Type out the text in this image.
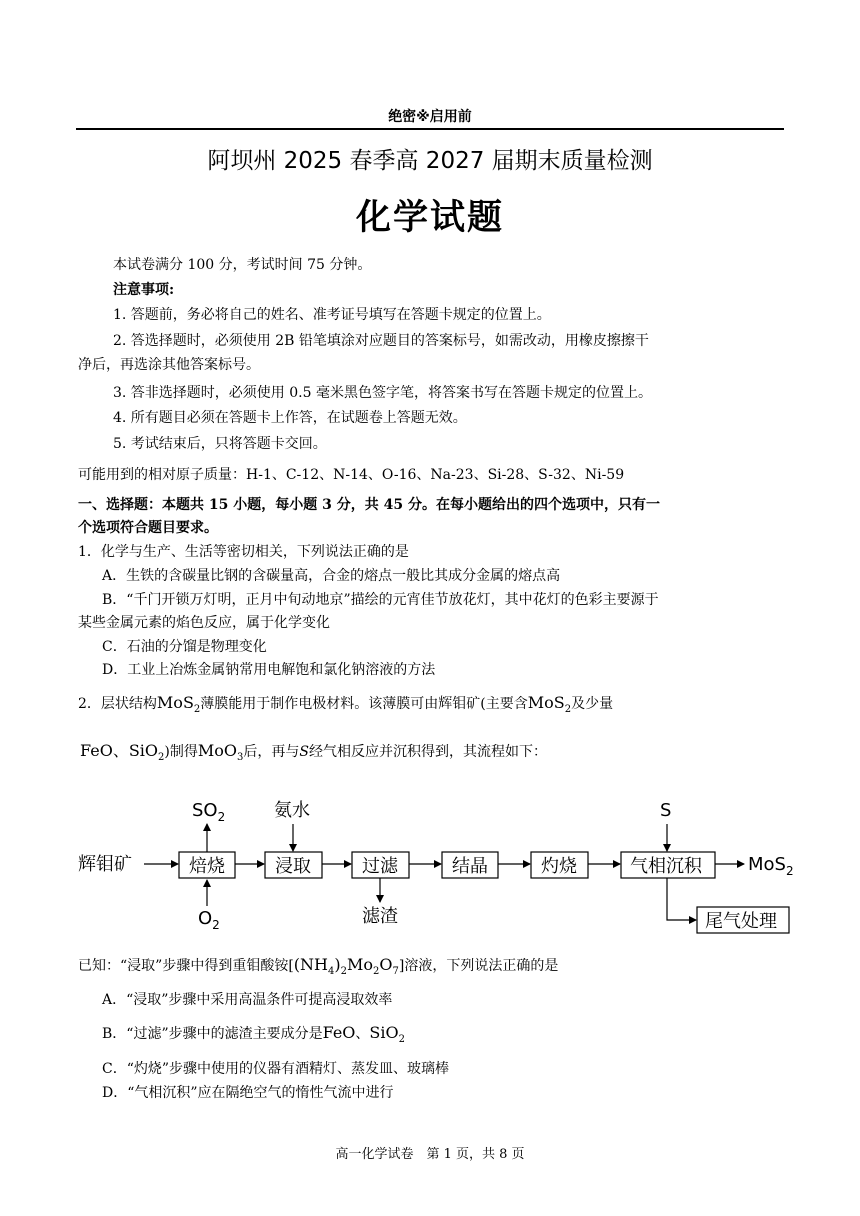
绝密※启用前
阿坝州 2025 春季高 2027 届期末质量检测
化学试题
本试卷满分 100 分，考试时间 75 分钟。
注意事项:
1. 答题前，务必将自己的姓名、准考证号填写在答题卡规定的位置上。
2. 答选择题时，必须使用 2B 铅笔填涂对应题目的答案标号，如需改动，用橡皮擦擦干
净后，再选涂其他答案标号。
3. 答非选择题时，必须使用 0.5 毫米黑色签字笔，将答案书写在答题卡规定的位置上。
4. 所有题目必须在答题卡上作答，在试题卷上答题无效。
5. 考试结束后，只将答题卡交回。
可能用到的相对原子质量：H-1、C-12、N-14、O-16、Na-23、Si-28、S-32、Ni-59
一、选择题：本题共 15 小题，每小题 3 分，共 45 分。在每小题给出的四个选项中，只有一
个选项符合题目要求。
1．化学与生产、生活等密切相关，下列说法正确的是
A．生铁的含碳量比钢的含碳量高，合金的熔点一般比其成分金属的熔点高
B．“千门开锁万灯明，正月中旬动地京”描绘的元宵佳节放花灯，其中花灯的色彩主要源于
某些金属元素的焰色反应，属于化学变化
C．石油的分馏是物理变化
D．工业上冶炼金属钠常用电解饱和氯化钠溶液的方法
2．层状结构MoS$_2$薄膜能用于制作电极材料。该薄膜可由辉钼矿(主要含MoS$_2$及少量
FeO、SiO$_2$)制得MoO$_3$后，再与S经气相反应并沉积得到，其流程如下：
辉钼矿	焙烧
$SO_2$
$O_2$
浸取
氨水
过滤
滤渣
结晶	灼烧	气相沉积
S
MoS$_2$
尾气处理
已知：“浸取”步骤中得到重钼酸铵$[(NH_4)_2Mo_2O_7]$溶液，下列说法正确的是
A．“浸取”步骤中采用高温条件可提高浸取效率
B．“过滤”步骤中的滤渣主要成分是FeO、SiO$_2$
C．“灼烧”步骤中使用的仪器有酒精灯、蒸发皿、玻璃棒
D．“气相沉积”应在隔绝空气的惰性气流中进行
高一化学试卷　第 1 页，共 8 页
